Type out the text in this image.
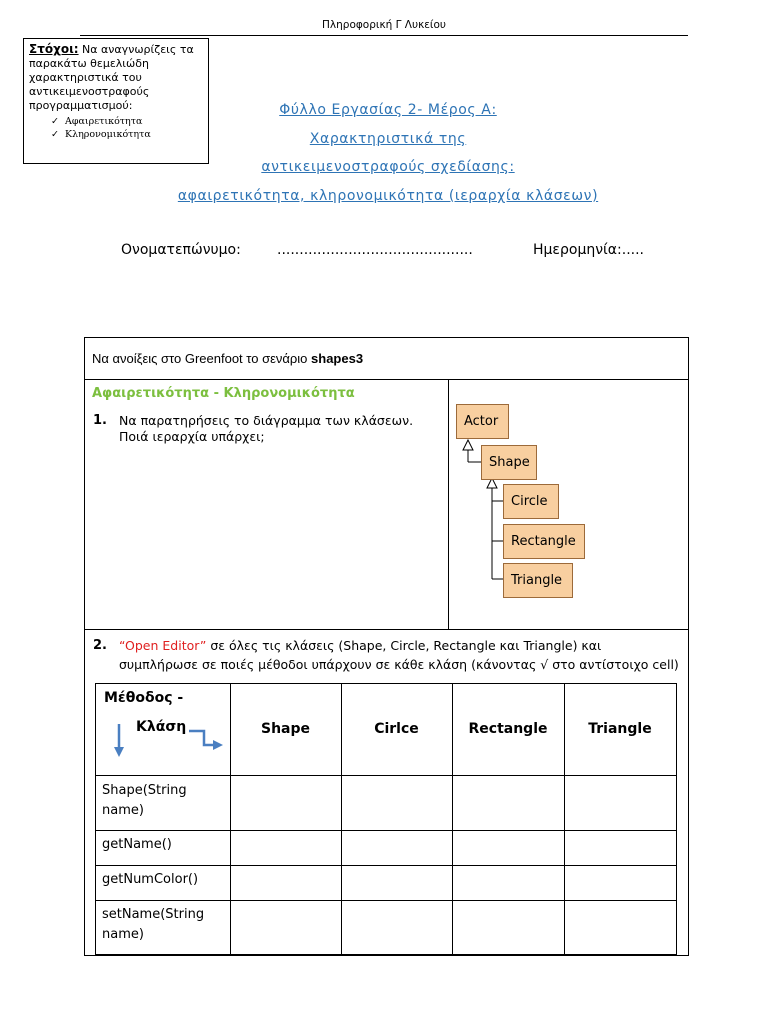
Πληροφορική Γ Λυκείου
Στόχοι: Να αναγνωρίζεις τα παρακάτω θεμελιώδη χαρακτηριστικά του αντικειμενοστραφούς προγραμματισμού:
✓ Αφαιρετικότητα
✓ Κληρονομικότητα
Φύλλο Εργασίας 2- Μέρος Α:
Χαρακτηριστικά της
αντικειμενοστραφούς σχεδίασης:
αφαιρετικότητα, κληρονομικότητα (ιεραρχία κλάσεων)
Ονοματεπώνυμο:	............................................	Ημερομηνία:.....
Να ανοίξεις στο Greenfoot το σενάριο shapes3
Αφαιρετικότητα - Κληρονομικότητα
1. Να παρατηρήσεις το διάγραμμα των κλάσεων.
Ποιά ιεραρχία υπάρχει;
Actor
Shape
Circle
Rectangle
Triangle
2. “Open Editor” σε όλες τις κλάσεις (Shape, Circle, Rectangle και Triangle) και
συμπλήρωσε σε ποιές μέθοδοι υπάρχουν σε κάθε κλάση (κάνοντας √ στο αντίστοιχο cell)
Μέθοδος -
Κλάση	Shape	Cirlce	Rectangle	Triangle
Shape(String name)
getName()
getNumColor()
setName(String name)
